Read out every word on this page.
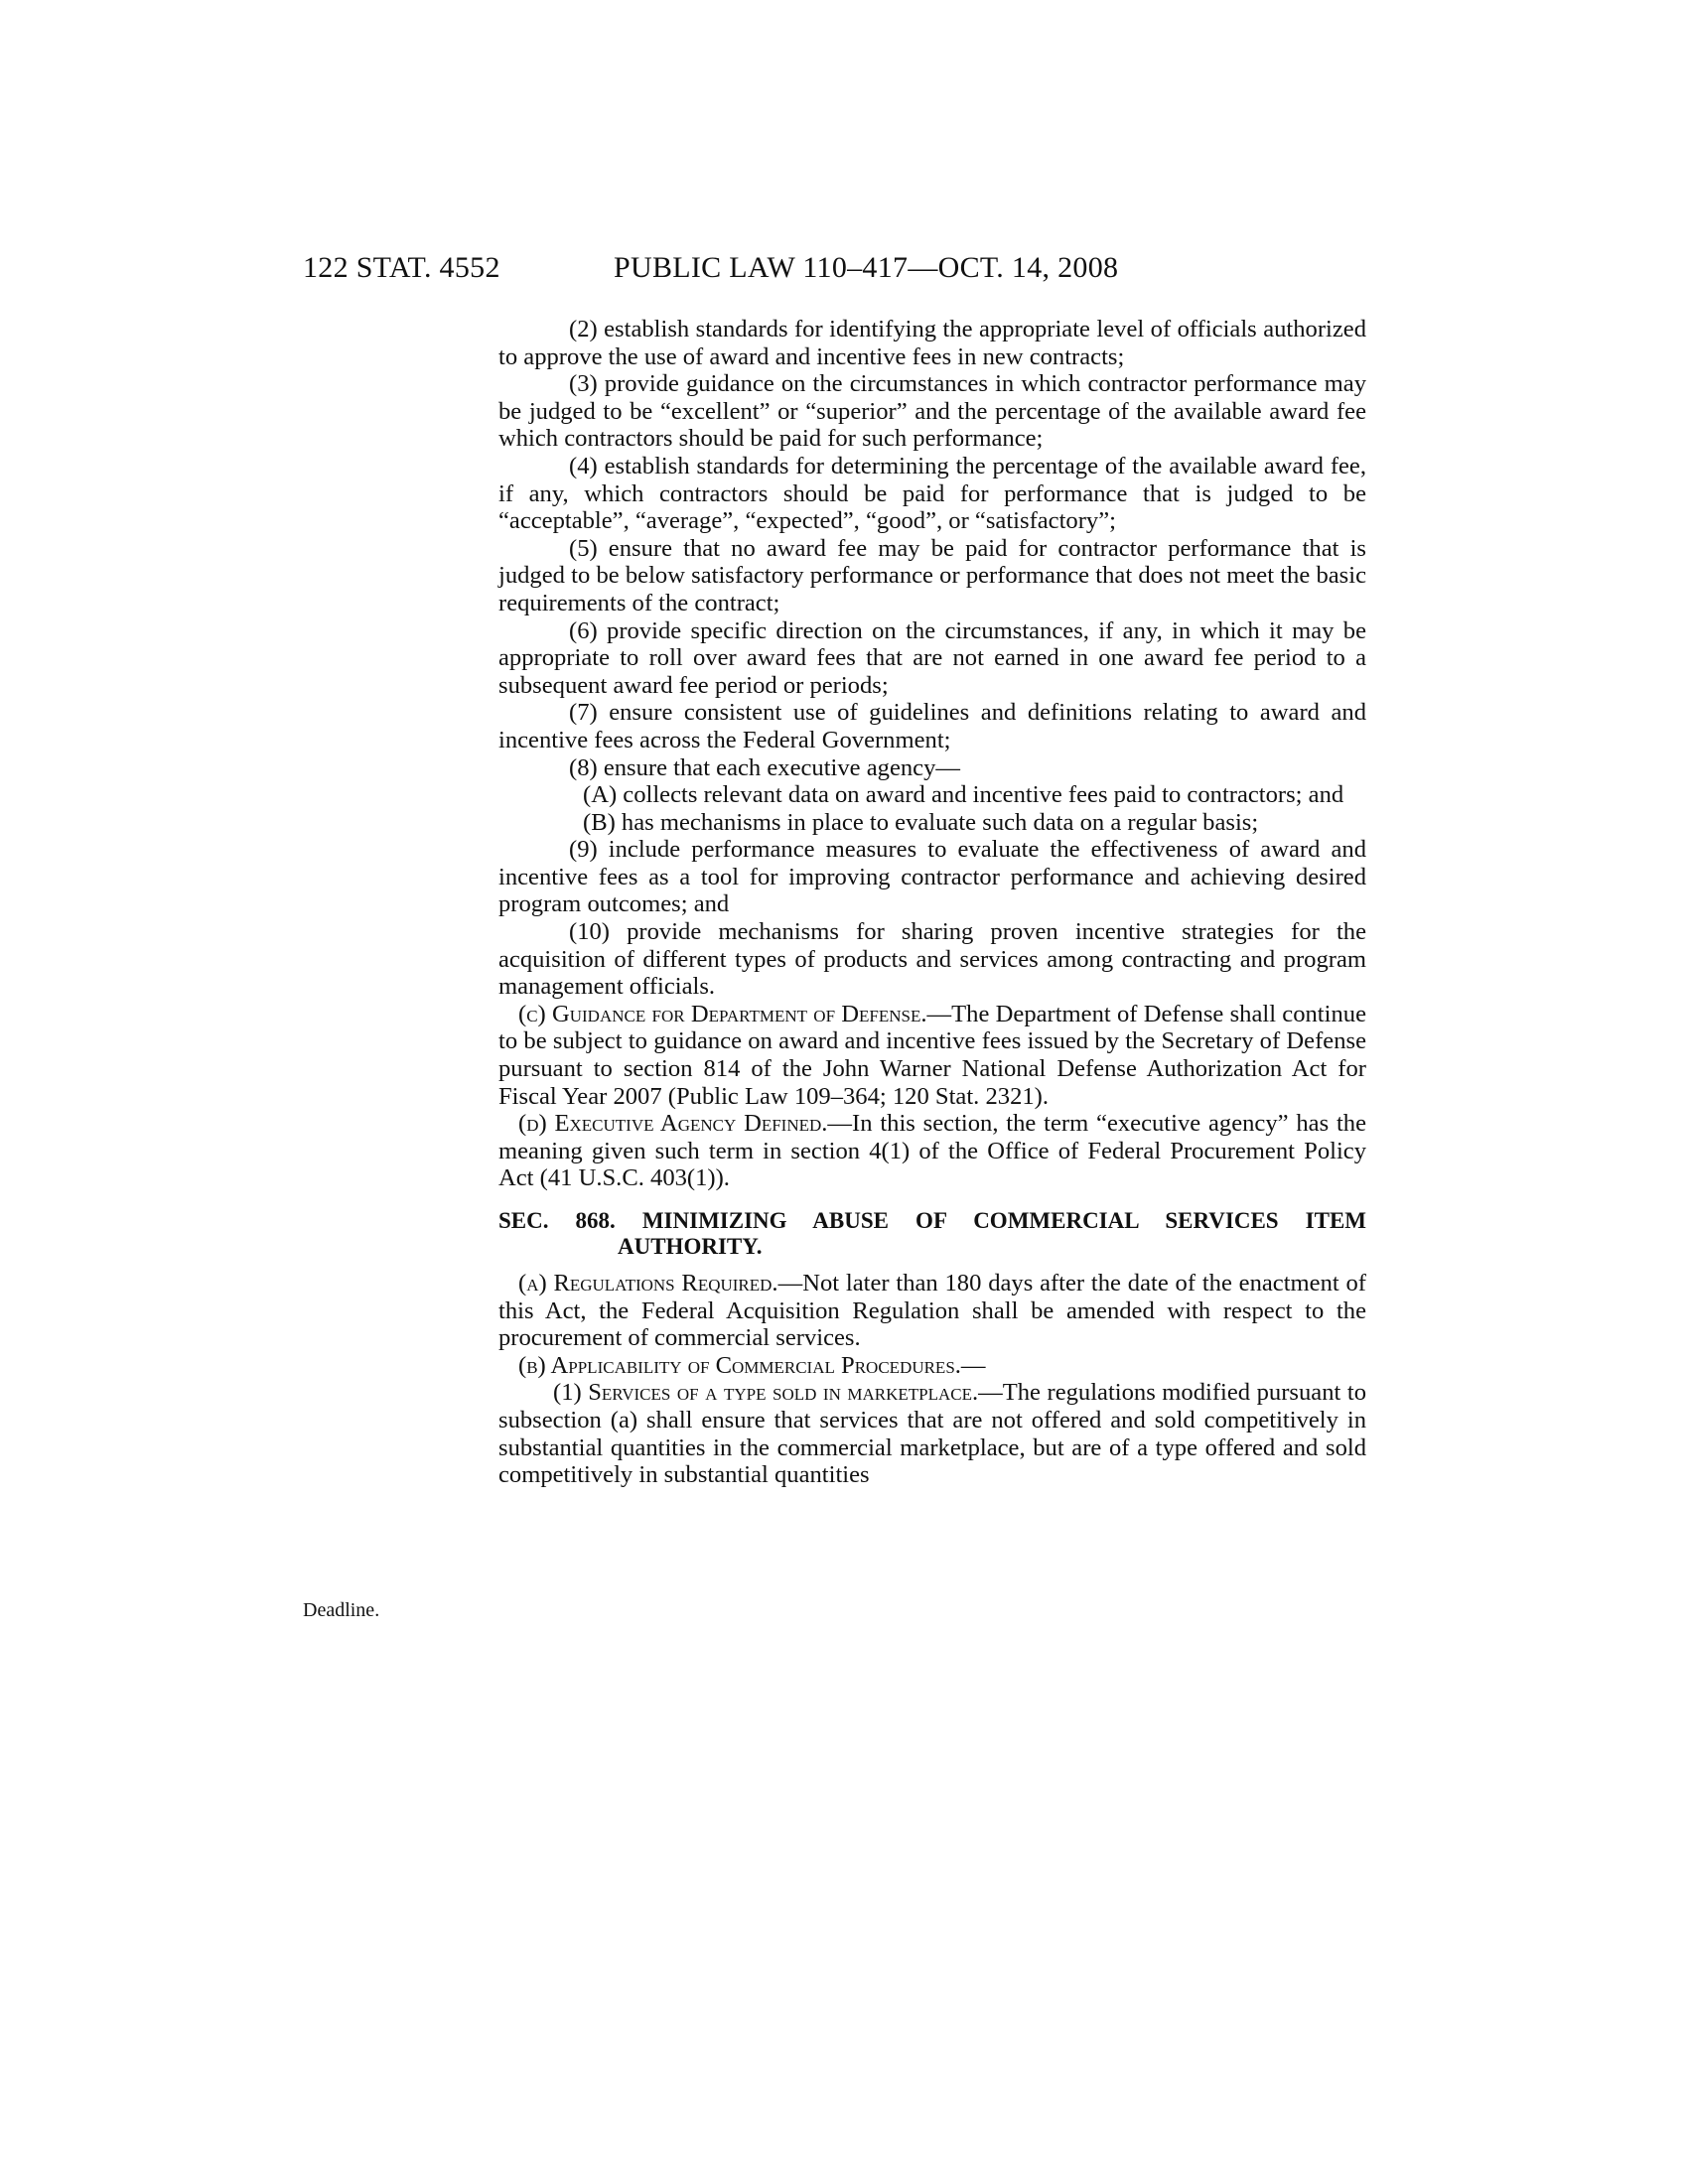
122 STAT. 4552	PUBLIC LAW 110–417—OCT. 14, 2008
Deadline.

(2) establish standards for identifying the appropriate level of officials authorized to approve the use of award and incentive fees in new contracts;

(3) provide guidance on the circumstances in which contractor performance may be judged to be “excellent” or “superior” and the percentage of the available award fee which contractors should be paid for such performance;

(4) establish standards for determining the percentage of the available award fee, if any, which contractors should be paid for performance that is judged to be “acceptable”, “average”, “expected”, “good”, or “satisfactory”;

(5) ensure that no award fee may be paid for contractor performance that is judged to be below satisfactory performance or performance that does not meet the basic requirements of the contract;

(6) provide specific direction on the circumstances, if any, in which it may be appropriate to roll over award fees that are not earned in one award fee period to a subsequent award fee period or periods;

(7) ensure consistent use of guidelines and definitions relating to award and incentive fees across the Federal Government;

(8) ensure that each executive agency—

(A) collects relevant data on award and incentive fees paid to contractors; and

(B) has mechanisms in place to evaluate such data on a regular basis;

(9) include performance measures to evaluate the effectiveness of award and incentive fees as a tool for improving contractor performance and achieving desired program outcomes; and

(10) provide mechanisms for sharing proven incentive strategies for the acquisition of different types of products and services among contracting and program management officials.

(c) Guidance for Department of Defense.—The Department of Defense shall continue to be subject to guidance on award and incentive fees issued by the Secretary of Defense pursuant to section 814 of the John Warner National Defense Authorization Act for Fiscal Year 2007 (Public Law 109–364; 120 Stat. 2321).

(d) Executive Agency Defined.—In this section, the term “executive agency” has the meaning given such term in section 4(1) of the Office of Federal Procurement Policy Act (41 U.S.C. 403(1)).

SEC. 868. MINIMIZING ABUSE OF COMMERCIAL SERVICES ITEM AUTHORITY.

(a) Regulations Required.—Not later than 180 days after the date of the enactment of this Act, the Federal Acquisition Regulation shall be amended with respect to the procurement of commercial services.

(b) Applicability of Commercial Procedures.—

(1) Services of a type sold in marketplace.—The regulations modified pursuant to subsection (a) shall ensure that services that are not offered and sold competitively in substantial quantities in the commercial marketplace, but are of a type offered and sold competitively in substantial quantities
